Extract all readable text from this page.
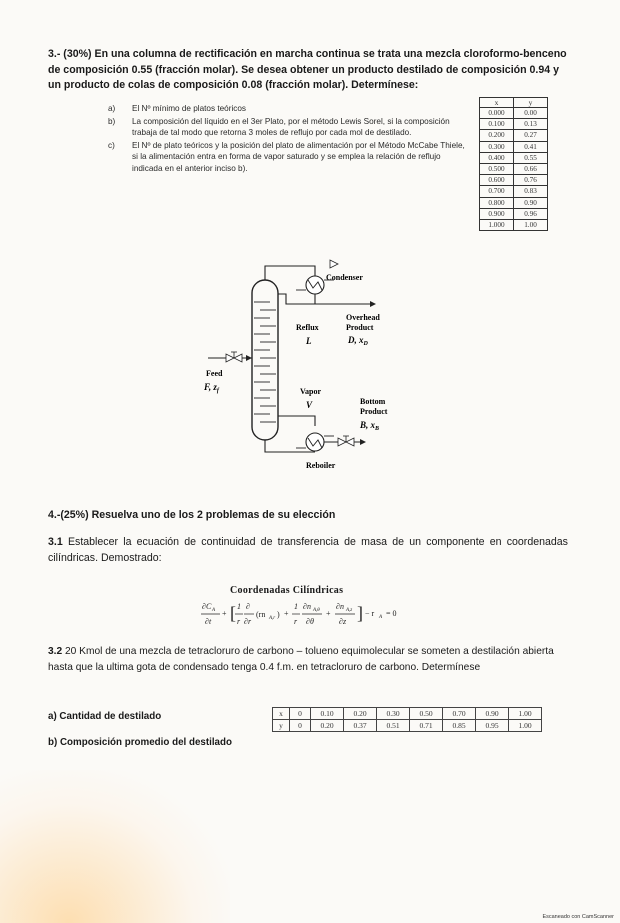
3.- (30%) En una columna de rectificación en marcha continua se trata una mezcla cloroformo-benceno de composición 0.55 (fracción molar). Se desea obtener un producto destilado de composición 0.94 y un producto de colas de composición 0.08 (fracción molar). Determínese:
a)	El Nº mínimo de platos teóricos
b)	La composición del líquido en el 3er Plato, por el método Lewis Sorel, si la composición trabaja de tal modo que retorna 3 moles de reflujo por cada mol de destilado.
c)	El Nº de plato teóricos y la posición del plato de alimentación por el Método McCabe Thiele, si la alimentación entra en forma de vapor saturado y se emplea la relación de reflujo indicada en el anterior inciso b).
x	y
0.000	0.00
0.100	0.13
0.200	0.27
0.300	0.41
0.400	0.55
0.500	0.66
0.600	0.76
0.700	0.83
0.800	0.90
0.900	0.96
1.000	1.00
Condenser
Overhead
Product
D, $x_D$
Reflux
L
Feed
F, $z_f$	Vapor
V	Bottom
Product
B, $x_B$
Reboiler
4.-(25%) Resuelva uno de los 2 problemas de su elección
3.1 Establecer la ecuación de continuidad de transferencia de masa de un componente en coordenadas cilíndricas. Demostrado:
Coordenadas Cilíndricas
∂C A
∂t
+ [ 1
r
∂
∂r
(rn A,r ) +
1
r
∂n A,θ
∂θ
+
∂n A,z
∂z ] − r A = 0
3.2 20 Kmol de una mezcla de tetracloruro de carbono – tolueno equimolecular se someten a destilación abierta hasta que la ultima gota de condensado tenga 0.4 f.m. en tetracloruro de carbono. Determínese
a) Cantidad de destilado
b) Composición promedio del destilado
x	0	0.10	0.20	0.30	0.50	0.70	0.90	1.00
y	0	0.20	0.37	0.51	0.71	0.85	0.95	1.00
Escaneado con CamScanner
